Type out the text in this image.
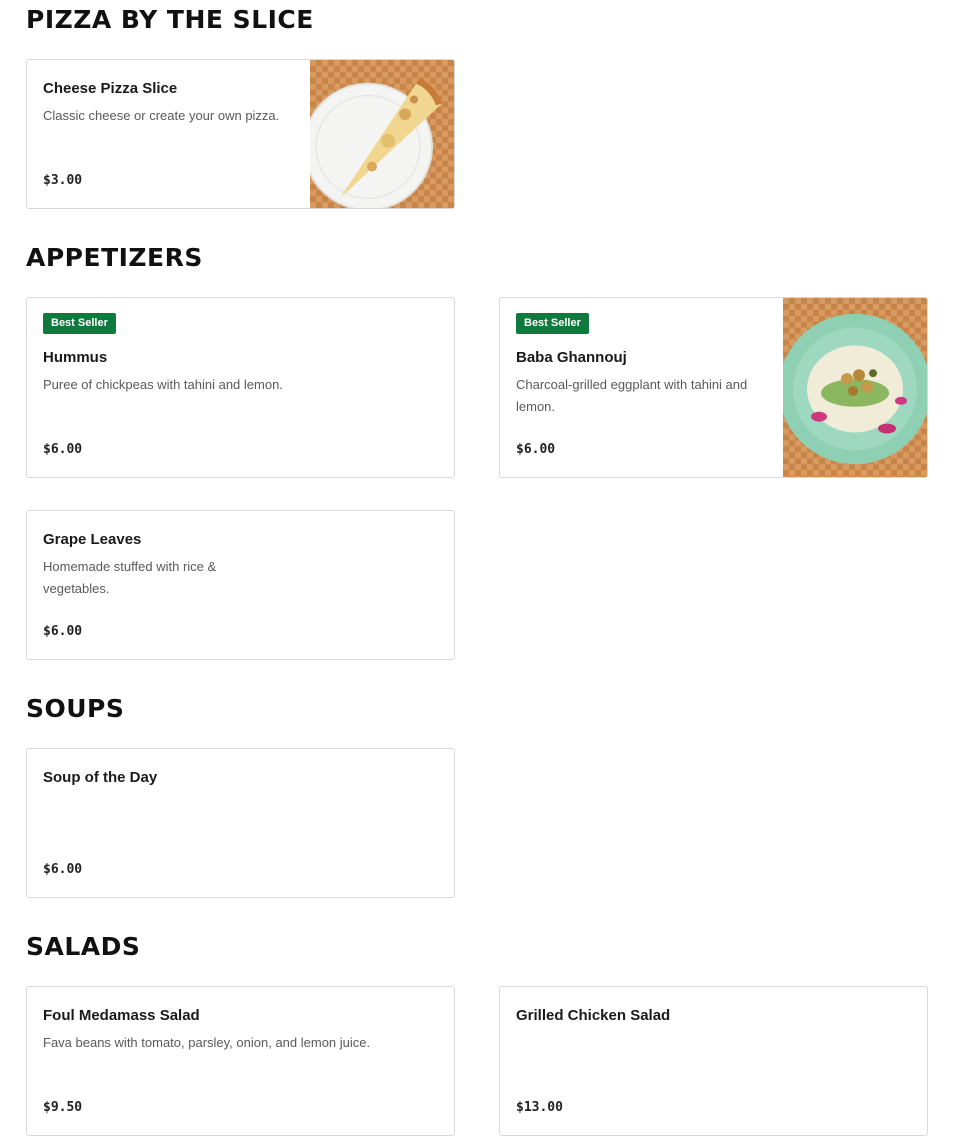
PIZZA BY THE SLICE
Cheese Pizza Slice
Classic cheese or create your own pizza.
$3.00
APPETIZERS
Best Seller
Hummus
Puree of chickpeas with tahini and lemon.
$6.00
Best Seller
Baba Ghannouj
Charcoal-grilled eggplant with tahini and lemon.
$6.00
Grape Leaves
Homemade stuffed with rice & vegetables.
$6.00
SOUPS
Soup of the Day
$6.00
SALADS
Foul Medamass Salad
Fava beans with tomato, parsley, onion, and lemon juice.
$9.50
Grilled Chicken Salad
$13.00
